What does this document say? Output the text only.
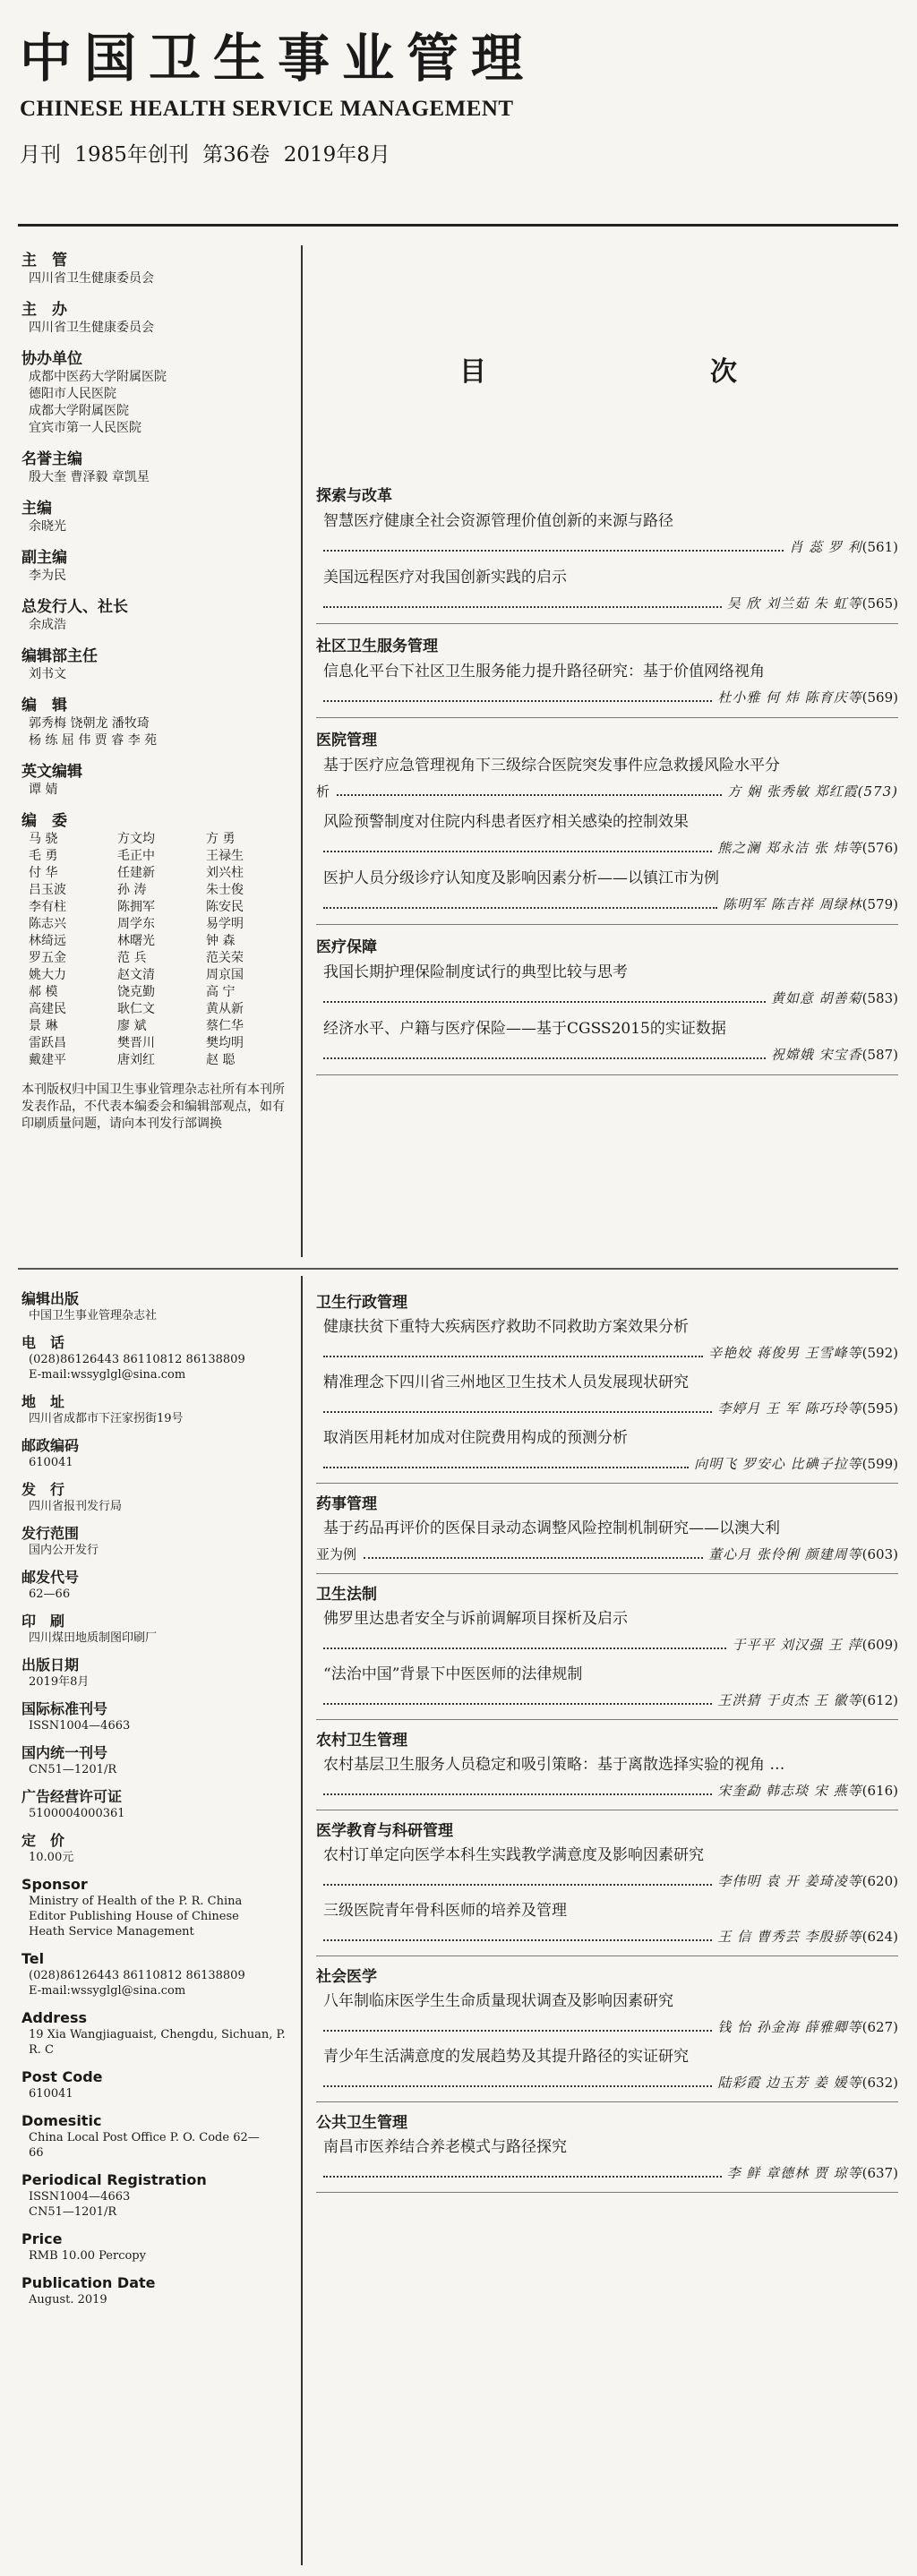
中国卫生事业管理
CHINESE HEALTH SERVICE MANAGEMENT
月刊 1985年创刊 第36卷 2019年8月
主　管
四川省卫生健康委员会
主　办
四川省卫生健康委员会
协办单位
成都中医药大学附属医院
德阳市人民医院
成都大学附属医院
宜宾市第一人民医院
名誉主编
殷大奎 曹泽毅 章凯星
主编
余晓光
副主编
李为民
总发行人、社长
余成浩
编辑部主任
刘书文
编　辑
郭秀梅 饶朝龙 潘牧琦
杨 练 屈 伟 贾 睿 李 苑
英文编辑
谭 婧
编　委
马 骁	方文均	方 勇
毛 勇	毛正中	王禄生
付 华	任建新	刘兴柱
吕玉波	孙 涛	朱士俊
李有柱	陈拥军	陈安民
陈志兴	周学东	易学明
林绮远	林曙光	钟 森
罗五金	范 兵	范关荣
姚大力	赵文清	周京国
郝 模	饶克勤	高 宁
高建民	耿仁文	黄从新
景 琳	廖 斌	蔡仁华
雷跃昌	樊晋川	樊均明
戴建平	唐刘红	赵 聪
本刊版权归中国卫生事业管理杂志社所有本刊所发表作品，不代表本编委会和编辑部观点，如有印刷质量问题，请向本刊发行部调换
编辑出版
中国卫生事业管理杂志社
电　话
(028)86126443 86110812 86138809
E-mail:wssyglgl@sina.com
地　址
四川省成都市下汪家拐街19号
邮政编码
610041
发　行
四川省报刊发行局
发行范围
国内公开发行
邮发代号
62—66
印　刷
四川煤田地质制图印刷厂
出版日期
2019年8月
国际标准刊号
ISSN1004—4663
国内统一刊号
CN51—1201/R
广告经营许可证
5100004000361
定　价
10.00元
Sponsor
Ministry of Health of the P. R. China
Editor Publishing House of Chinese
Heath Service Management
Tel
(028)86126443 86110812 86138809
E-mail:wssyglgl@sina.com
Address
19 Xia Wangjiaguaist, Chengdu, Sichuan, P.
R. C
Post Code
610041
Domesitic
China Local Post Office P. O. Code 62—
66
Periodical Registration
ISSN1004—4663
CN51—1201/R
Price
RMB 10.00 Percopy
Publication Date
August. 2019
目　次
探索与改革
智慧医疗健康全社会资源管理价值创新的来源与路径
肖 蕊 罗 利 (561)
美国远程医疗对我国创新实践的启示
吴 欣 刘兰茹 朱 虹等 (565)
社区卫生服务管理
信息化平台下社区卫生服务能力提升路径研究：基于价值网络视角
杜小雅 何 炜 陈育庆等 (569)
医院管理
基于医疗应急管理视角下三级综合医院突发事件应急救援风险水平分
析	方 娴 张秀敏 郑红霞(573)
风险预警制度对住院内科患者医疗相关感染的控制效果
熊之澜 郑永洁 张 炜等 (576)
医护人员分级诊疗认知度及影响因素分析——以镇江市为例
陈明军 陈吉祥 周绿林 (579)
医疗保障
我国长期护理保险制度试行的典型比较与思考
黄如意 胡善菊 (583)
经济水平、户籍与医疗保险——基于CGSS2015的实证数据
祝嫦娥 宋宝香 (587)
卫生行政管理
健康扶贫下重特大疾病医疗救助不同救助方案效果分析
辛艳姣 蒋俊男 王雪峰等 (592)
精准理念下四川省三州地区卫生技术人员发展现状研究
李婷月 王 军 陈巧玲等 (595)
取消医用耗材加成对住院费用构成的预测分析
向明飞 罗安心 比碘子拉等 (599)
药事管理
基于药品再评价的医保目录动态调整风险控制机制研究——以澳大利
亚为例	董心月 张伶俐 颜建周等 (603)
卫生法制
佛罗里达患者安全与诉前调解项目探析及启示
于平平 刘汉强 王 萍 (609)
“法治中国”背景下中医医师的法律规制
王洪猜 于贞杰 王 徽等 (612)
农村卫生管理
农村基层卫生服务人员稳定和吸引策略：基于离散选择实验的视角 …
宋奎勐 韩志琰 宋 燕等 (616)
医学教育与科研管理
农村订单定向医学本科生实践教学满意度及影响因素研究
李伟明 袁 开 姜琦凌等 (620)
三级医院青年骨科医师的培养及管理
王 信 曹秀芸 李殷骄等 (624)
社会医学
八年制临床医学生生命质量现状调查及影响因素研究
钱 怡 孙金海 薛雅卿等 (627)
青少年生活满意度的发展趋势及其提升路径的实证研究
陆彩霞 边玉芳 姜 媛等 (632)
公共卫生管理
南昌市医养结合养老模式与路径探究
李 鲜 章德林 贾 琼等 (637)
